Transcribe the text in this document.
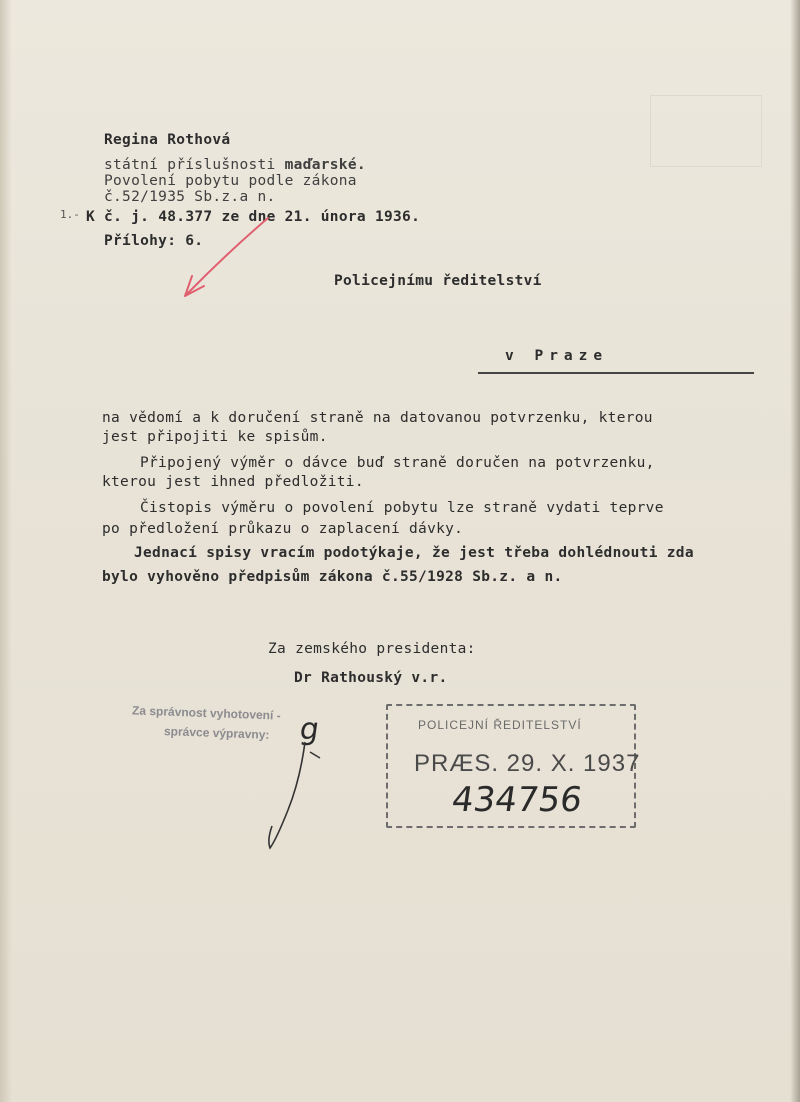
Regina Rothová
státní příslušnosti maďarské.
Povolení pobytu podle zákona
č.52/1935 Sb.z.a n.
1.- K č. j. 48.377 ze dne 21. února 1936.
Přílohy: 6.
Policejnímu ředitelství
v Praze
na vědomí a k doručení straně na datovanou potvrzenku, kterou
jest připojiti ke spisům.
Připojený výměr o dávce buď straně doručen na potvrzenku,
kterou jest ihned předložiti.
Čistopis výměru o povolení pobytu lze straně vydati teprve
po předložení průkazu o zaplacení dávky.
Jednací spisy vracím podotýkaje, že jest třeba dohlédnouti zda
bylo vyhověno předpisům zákona č.55/1928 Sb.z. a n.
Za zemského presidenta:
Dr Rathouský v.r.
Za správnost vyhotovení -
správce výpravny:	POLICEJNÍ ŘEDITELSTVÍ
PRÆS. 29. X. 1937
434756
g
